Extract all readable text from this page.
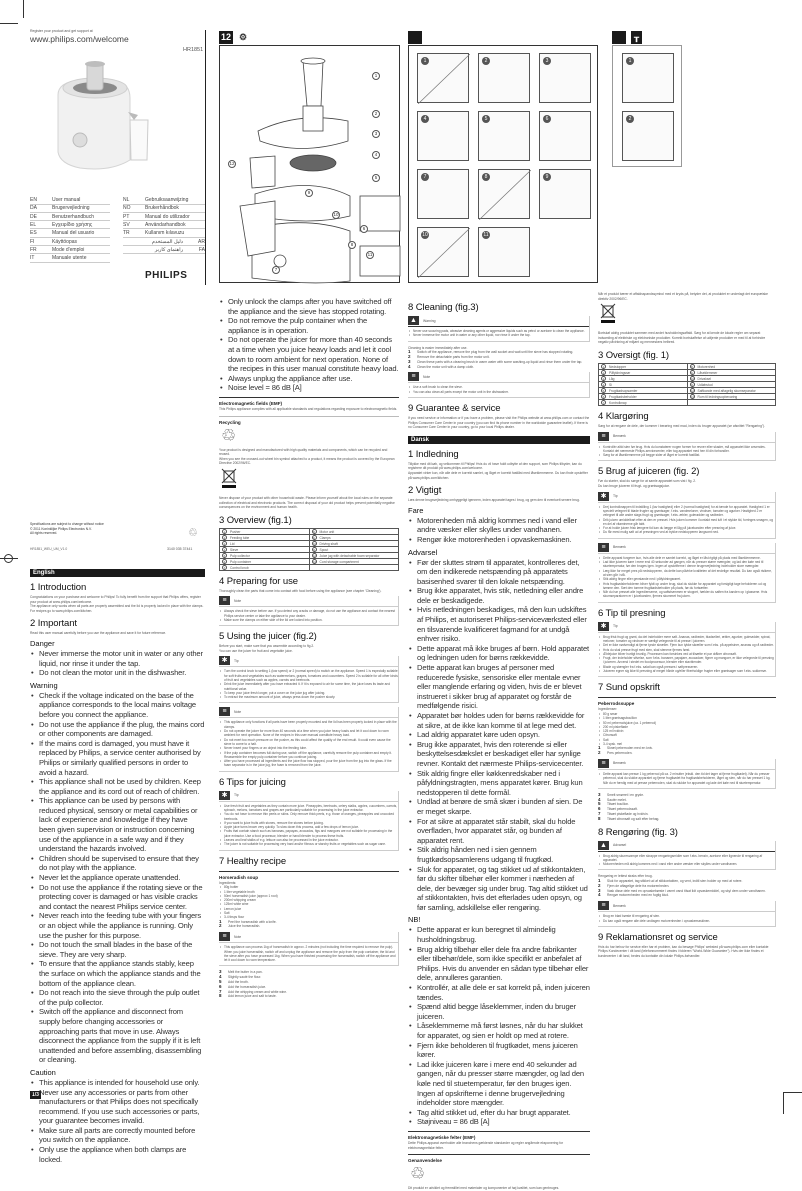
Register your product and get support at
www.philips.com/welcome
HR1851
EN	User manual
DA	Brugervejledning
DE	Benutzerhandbuch
EL	Εγχειρίδιο χρήσης
ES	Manual del usuario
FI	Käyttöopas
FR	Mode d'emploi
IT	Manuale utente
NL	Gebruiksaanwijzing
NO	Brukerhåndbok
PT	Manual do utilizador
SV	Användarhandbok
TR	Kullanım kılavuzu
ARدليل المستخدم
FAراهنمای کاربر
PHILIPS
Specifications are subject to change without notice
© 2011 Koninklijke Philips Electronics N.V.
All rights reserved.
HR1851_WEU_UM_V1.0	3140 035 37441
♲
1/3
12 ⚙
1
2
3
4
5
6
7
8
9
10
11
12
1	2	3
4	5	6
7	8	9
10	11
┰
1
2
English
1 Introduction
Congratulations on your purchase and welcome to Philips! To fully benefit from the support that Philips offers, register your product at www.philips.com/welcome.
The appliance only works when all parts are properly assembled and the lid is properly locked in place with the clamps.
For recipes go to www.philips.com/kitchen.
2 Important
Read this user manual carefully before you use the appliance and save it for future reference.
Danger
• Never immerse the motor unit in water or any other liquid, nor rinse it under the tap.
• Do not clean the motor unit in the dishwasher.
Warning
• Check if the voltage indicated on the base of the appliance corresponds to the local mains voltage before you connect the appliance.
• Do not use the appliance if the plug, the mains cord or other components are damaged.
• If the mains cord is damaged, you must have it replaced by Philips, a service center authorised by Philips or similarly qualified persons in order to avoid a hazard.
• This appliance shall not be used by children. Keep the appliance and its cord out of reach of children.
• This appliance can be used by persons with reduced physical, sensory or metal capabilities or lack of experience and knowledge if they have been given supervision or instruction concerning use of the appliance in a safe way and if they understand the hazards involved.
• Children should be supervised to ensure that they do not play with the appliance.
• Never let the appliance operate unattended.
• Do not use the appliance if the rotating sieve or the protecting cover is damaged or has visible cracks and contact the nearest Philips service center.
• Never reach into the feeding tube with your fingers or an object while the appliance is running. Only use the pusher for this purpose.
• Do not touch the small blades in the base of the sieve. They are very sharp.
• To ensure that the appliance stands stably, keep the surface on which the appliance stands and the bottom of the appliance clean.
• Do not reach into the sieve through the pulp outlet of the pulp collector.
• Switch off the appliance and disconnect from supply before changing accessories or approaching parts that move in use. Always disconnect the appliance from the supply if it is left unattended and before assembling, disassembling or cleaning.
Caution
• This appliance is intended for household use only.
• Never use any accessories or parts from other manufacturers or that Philips does not specifically recommend. If you use such accessories or parts, your guarantee becomes invalid.
• Make sure all parts are correctly mounted before you switch on the appliance.
• Only use the appliance when both clamps are locked.
• Only unlock the clamps after you have switched off the appliance and the sieve has stopped rotating.
• Do not remove the pulp container when the appliance is in operation.
• Do not operate the juicer for more than 40 seconds at a time when you juice heavy loads and let it cool down to room ambient for next operation. None of the recipes in this user manual constitute heavy load.
• Always unplug the appliance after use.
• Noise level = 86 dB [A]
Electromagnetic fields (EMF)
This Philips appliance complies with all applicable standards and regulations regarding exposure to electromagnetic fields.
Recycling
♲
Your product is designed and manufactured with high quality materials and components, which can be recycled and reused.
When you see the crossed-out wheel bin symbol attached to a product, it means the product is covered by the European Directive 2002/96/EC.
Never dispose of your product with other household waste. Please inform yourself about the local rules on the separate collection of electrical and electronic products. The correct disposal of your old product helps prevent potentially negative consequences on the environment and human health.
3 Overview (fig.1)
1 Pusher	8 Motor unit
2 Feeding tube	9 Clamps
3 Lid	10 Driving shaft
4 Sieve	11 Spout
5 Pulp collector	12 Juice jug with detachable foam separator
6 Pulp container	13 Cord storage compartment
7 Control knob	
4 Preparing for use
Thoroughly clean the parts that come into contact with food before using the appliance (see chapter 'Cleaning').
≡	Note
• Always check the sieve before use. If you detect any cracks or damage, do not use the appliance and contact the nearest Philips service center or take the appliance to your dealer.
• Make sure the clamps on either side of the lid are locked into position.
5 Using the juicer (fig.2)
Before you start, make sure that you assemble according to fig.2.
You can use the juicer for fruit and vegetable juice.
✱	Tip
• Turn the control knob to setting 1 (low speed) or 2 (normal speed) to switch on the appliance. Speed 1 is especially suitable for soft fruits and vegetables such as watermelons, grapes, tomatoes and cucumbers. Speed 2 is suitable for all other kinds of fruit and vegetables such as apples, carrots and beetroots.
• Drink the juice immediately after you have extracted it. If it is exposed to air for some time, the juice loses its taste and nutritional value.
• To keep your juice fresh longer, put a cover on the juice jug after juicing.
• To extract the maximum amount of juice, always press down the pusher slowly.
≡	Note
• This appliance only functions if all parts have been properly mounted and the lid has been properly locked in place with the clamps.
• Do not operate the juicer for more than 40 seconds at a time when you juice heavy loads and let it cool down to room ambient for next operation. None of the recipes in this user manual constitute heavy load.
• Do not exert too much pressure on the pusher, as this could affect the quality of the end result. It could even cause the sieve to come to a halt.
• Never insert your fingers or an object into the feeding tube.
• If the pulp container becomes full during use, switch off the appliance, carefully remove the pulp container and empty it. Reassemble the empty pulp container before you continue juicing.
• After you have processed all ingredients and the juice flow has stopped, pour the juice from the jug into the glass. If the foam separator is in the juice jug, the foam is removed from the juice.
6 Tips for juicing
✱	Tip
• Use fresh fruit and vegetables as they contain more juice. Pineapples, beetroots, celery stalks, apples, cucumbers, carrots, spinach, melons, tomatoes and grapes are particularly suitable for processing in the juice extractor.
• You do not have to remove thin peels or skins. Only remove thick peels, e.g. those of oranges, pineapples and uncooked beetroots.
• If you want to juice fruits with stones, remove the stones before juicing.
• Apple juice turns brown very quickly. To slow down this process, add a few drops of lemon juice.
• Fruits that contain starch such as bananas, papayas, avocados, figs and mangoes are not suitable for processing in the juice extractor. Use a food processor, blender or hand blender to process these fruits.
• Leaves and leaf stalks of e.g. lettuce can also be processed in the juice extractor.
• The juicer is not suitable for processing very hard and/or fibrous or starchy fruits or vegetables such as sugar cane.
7 Healthy recipe
Horseradish soup
Ingredients:
• 80g butter
• 1 liter vegetable broth
• 50ml horseradish juice (approx 1 root)
• 200ml whipping cream
• 125ml white wine
• Lemon juice
• Salt
• 3-4 tbsps flour
1 Peel the horseradish with a knife.
2 Juice the horseradish.
≡	Note
• This appliance can process 1kg of horseradish in approx. 2 minutes (not including the time required to remove the pulp). When you juice horseradish, switch off and unplug the appliance and remove the pulp from the pulp container, the lid and the sieve after you have processed 1kg. When you have finished processing the horseradish, switch off the appliance and let it cool down to room temperature.
3 Melt the butter in a pan.
4 Slightly sauté the flour.
5 Add the broth.
6 Add the horseradish juice.
7 Add the whipping cream and white wine.
8 Add lemon juice and salt to taste.
8 Cleaning (fig.3)
▲	Warning
• Never use scouring pads, abrasive cleaning agents or aggressive liquids such as petrol or acetone to clean the appliance.
• Never immerse the motor unit in water or any other liquid, nor rinse it under the tap.
Cleaning is easier immediately after use.
1 Switch off the appliance, remove the plug from the wall socket and wait until the sieve has stopped rotating.
2 Remove the detachable parts from the motor unit.
3 Clean these parts with a cleaning brush in warm water with some washing-up liquid and rinse them under the tap.
4 Clean the motor unit with a damp cloth.
≡	Note
• Use a soft brush to clean the sieve.
• You can also clean all parts except the motor unit in the dishwasher.
9 Guarantee & service
If you need service or information or if you have a problem, please visit the Philips website at www.philips.com or contact the Philips Consumer Care Center in your country (you can find its phone number in the worldwide guarantee leaflet). If there is no Consumer Care Center in your country, go to your local Philips dealer.
Dansk
1 Indledning
Tillykke med dit køb, og velkommen til Philips! Hvis du vil have fuldt udbytte af den support, som Philips tilbyder, kan du registrere dit produkt på www.philips.com/welcome.
Apparatet virker kun, når alle dele er korrekt samlet, og låget er korrekt fastlåst med låseklemmerne. Du kan finde opskrifter på www.philips.com/kitchen.
2 Vigtigt
Læs denne brugsvejledning omhyggeligt igennem, inden apparatet tages i brug, og gem den til eventuelt senere brug.
Fare
• Motorenheden må aldrig kommes ned i vand eller andre væsker eller skylles under vandhanen.
• Rengør ikke motorenheden i opvaskemaskinen.
Advarsel
• Før der sluttes strøm til apparatet, kontrolleres det, om den indikerede netspænding på apparatets basisenhed svarer til den lokale netspænding.
• Brug ikke apparatet, hvis stik, netledning eller andre dele er beskadigede.
• Hvis netledningen beskadiges, må den kun udskiftes af Philips, et autoriseret Philips-serviceværksted eller en tilsvarende kvalificeret fagmand for at undgå enhver risiko.
• Dette apparat må ikke bruges af børn. Hold apparatet og ledningen uden for børns rækkevidde.
• Dette apparat kan bruges af personer med reducerede fysiske, sensoriske eller mentale evner eller manglende erfaring og viden, hvis de er blevet instrueret i sikker brug af apparatet og forstår de medfølgende risici.
• Apparatet bør holdes uden for børns rækkevidde for at sikre, at de ikke kan komme til at lege med det.
• Lad aldrig apparatet køre uden opsyn.
• Brug ikke apparatet, hvis den roterende si eller beskyttelsesdækslet er beskadiget eller har synlige revner. Kontakt det nærmeste Philips-servicecenter.
• Stik aldrig fingre eller køkkenredskaber ned i påfyldningstragten, mens apparatet kører. Brug kun nedstopperen til dette formål.
• Undlad at berøre de små skær i bunden af sien. De er meget skarpe.
• For at sikre at apparatet står stabilt, skal du holde overfladen, hvor apparatet står, og bunden af apparatet rent.
• Stik aldrig hånden ned i sien gennem frugtkødsopsamlerens udgang til frugtkød.
• Sluk for apparatet, og tag stikket ud af stikkontakten, før du skifter tilbehør eller kommer i nærheden af dele, der bevæger sig under brug. Tag altid stikket ud af stikkontakten, hvis det efterlades uden opsyn, og før samling, adskillelse eller rengøring.
NB!
• Dette apparat er kun beregnet til almindelig husholdningsbrug.
• Brug aldrig tilbehør eller dele fra andre fabrikanter eller tilbehør/dele, som ikke specifikt er anbefalet af Philips. Hvis du anvender en sådan type tilbehør eller dele, annulleres garantien.
• Kontrollér, at alle dele er sat korrekt på, inden juiceren tændes.
• Spænd altid begge låseklemmer, inden du bruger juiceren.
• Låseklemmerne må først løsnes, når du har slukket for apparatet, og sien er holdt op med at rotere.
• Fjern ikke beholderen til frugtkødet, mens juiceren kører.
• Lad ikke juiceren køre i mere end 40 sekunder ad gangen, når du presser større mængder, og lad den køle ned til stuetemperatur, før den bruges igen. Ingen af opskrifterne i denne brugervejledning indeholder store mængder.
• Tag altid stikket ud, efter du har brugt apparatet.
• Støjniveau = 86 dB [A]
Elektromagnetiske felter (EMF)
Dette Philips-apparat overholder alle branchens gældende standarder og regler angående eksponering for elektromagnetiske felter.
Genanvendelse
♲
Dit produkt er udviklet og fremstillet med materialer og komponenter af høj kvalitet, som kan genbruges.
Når et produkt bærer et affaldsspandssymbol med et kryds på, betyder det, at produktet er underlagt det europæiske direktiv 2002/96/EC.
Bortskaf aldrig produktet sammen med andet husholdningsaffald. Sørg for at kende de lokale regler om separat indsamling af elektriske og elektroniske produkter. Korrekt bortskaffelse af udtjente produkter er med til at forhindre negativ påvirkning af miljøet og menneskers helbred.
3 Oversigt (fig. 1)
1 Nedstopper	8 Motorenhed
2 Påfyldningsrør	9 Låseklemmer
3 Låg	10 Drivaksel
4 Si	11 Udløbstud
5 Frugtkødsopsamler	12 Saftkande med aftagelig skumseparator
6 Frugtkødsbeholder	13 Rum til ledningsopbevaring
7 Kontrolknap	
4 Klargøring
Sørg for at rengøre de dele, der kommer i berøring med mad, inden du bruger apparatet (se afsnittet "Rengøring").
≡	Bemærk
• Kontrollér altid sien før brug. Hvis du konstaterer nogen former for revner eller skader, må apparatet ikke anvendes. Kontakt det nærmeste Philips-servicecenter, eller tag apparatet med hen til din forhandler.
• Sørg for at låseklemmerne på begge sider af låget er korrekt fastlåst.
5 Brug af juiceren (fig. 2)
Før du starter, skal du sørge for at samle apparatet som vist i fig. 2.
Du kan bruge juiceren til frugt- og grøntsagsjuice.
✱	Tip
• Drej kontrolknappen til indstilling 1 (lav hastighed) eller 2 (normal hastighed) for at tænde for apparatet. Hastighed 1 er specielt velegnet til bløde frugter og grøntsager, f.eks. vandmeloner, vindruer, tomater og agurker. Hastighed 2 er velegnet til alle andre slags frugt og grøntsager, f.eks. æbler, gulerødder og rødbeder.
• Drik juicen umiddelbart efter at den er presset. Hvis juicen kommer i kontakt med luft i et stykke tid, forringes smagen, og en del af vitaminerne går tabt.
• For at holde juicen frisk længere tid kan du lægge et låg på juicekanden efter presning af juice.
• Du får mest mulig saft ud af presningen ved at trykke nedstopperen langsomt ned.
≡	Bemærk
• Dette apparat fungerer kun, hvis alle dele er samlet korrekt, og låget er låst rigtigt på plads med låseklemmerne.
• Lad ikke juiceren køre i mere end 40 sekunder ad gangen, når du presser større mængder, og lad den køle ned til stuetemperatur, før den bruges igen. Ingen af opskrifterne i denne brugervejledning indeholder store mængder.
• Læg ikke for meget pres på nedstopperen, da dette kan påvirke kvaliteten af det endelige resultat. Du kan også risikere, at sien går i stå.
• Stik aldrig fingre eller genstande ned i påfyldningsrøret.
• Hvis frugtkødsbeholderen bliver fyldt op under brug, skal du slukke for apparatet og forsigtigt tage beholderen ud og tømme den. Sæt den tomme frugtkødsbeholder på plads, før du fortsætter.
• Når du har presset alle ingredienserne, og saftstrømmen er stoppet, hælder du saften fra kanden op i glassene. Hvis skumseparatoren er i juicekanden, fjernes skummet fra juicen.
6 Tip til presning
✱	Tip
• Brug frisk frugt og grønt, da det indeholder mere saft. Ananas, rødbeder, bladselleri, æbler, agurker, gulerødder, spinat, meloner, tomater og vindruer er særligt velegnede til at presse i juiceren.
• Det er ikke nødvendigt at fjerne tynde skræller. Fjern kun tykke skræller som f.eks. på appelsiner, ananas og rå rødbeder.
• Hvis du skal presse frugt med sten, skal stenene fjernes først.
• Æblejuice bliver hurtigt brunlig. Processen kan forsinkes ved at tilsætte et par dråber citronsaft.
• Frugt, der indeholder stivelse, som f.eks. bananer, papajaer, avocadoer, figner og mangoer, er ikke velegnede til presning i juiceren. Anvend i stedet en foodprocessor, blender eller stavblender.
• Blade og stængler fra f.eks. salat kan også presses i saftpresseren.
• Juiceren egner sig ikke til presning af meget hårde og/eller fiberholdige frugter eller grøntsager som f.eks. sukkerrør.
7 Sund opskrift
Peberrodssuppe
Ingredienser:
• 80 g smør
• 1 liter grøntsagsbouillon
• 50 ml peberrodsjuice (ca. 1 peberrod)
• 200 ml piskefløde
• 125 ml hvidvin
• Citronsaft
• Salt
• 3-4 spsk. mel
1 Skræl peberroden med en kniv.
2 Pres peberroden.
≡	Bemærk
• Dette apparat kan presse 1 kg peberrod på ca. 2 minutter (ekskl. den tid det tager at fjerne frugtkødet). Når du presser peberrod, skal du slukke apparatet og fjerne frugtkødet fra frugtkødsbeholderen, låget og sien, når du har presset 1 kg. Når du er færdig med at presse peberroden, skal du slukke for apparatet og lade det køle ned til stuetemperatur.
3 Smelt smørret i en gryde.
4 Sautér melet.
5 Tilsæt bouillon.
6 Tilsæt peberrodssaft.
7 Tilsæt piskefløde og hvidvin.
8 Tilsæt citronsaft og salt efter behag.
8 Rengøring (fig. 3)
▲	Advarsel
• Brug aldrig skuresvampe eller skrappe rengøringsmidler som f.eks. benzin, acetone eller lignende til rengøring af apparatet.
• Motorenheden må aldrig kommes ned i vand eller andre væsker eller skylles under vandhanen.
Rengøring er lettest straks efter brug.
1 Sluk for apparatet, tag stikket ud af stikkontakten, og vent, indtil sien holder op med at rotere.
2 Fjern de aftagelige dele fra motorenheden.
3 Vask disse dele med en opvaskebørste i varmt vand tilsat lidt opvaskemiddel, og skyl dem under vandhanen.
4 Rengør motorenheden med en fugtig klud.
≡	Bemærk
• Brug en blød børste til rengøring af sien.
• Du kan også rengøre alle dele undtagen motorenheden i opvaskemaskinen.
9 Reklamationsret og service
Hvis du har behov for service eller har et problem, kan du besøge Philips' websted på www.philips.com eller kontakte Philips Kundecenter i dit land (telefonnummeret findes i folderen "World-Wide Guarantee"). Hvis der ikke findes et kundecenter i dit land, bedes du kontakte din lokale Philips-forhandler.
